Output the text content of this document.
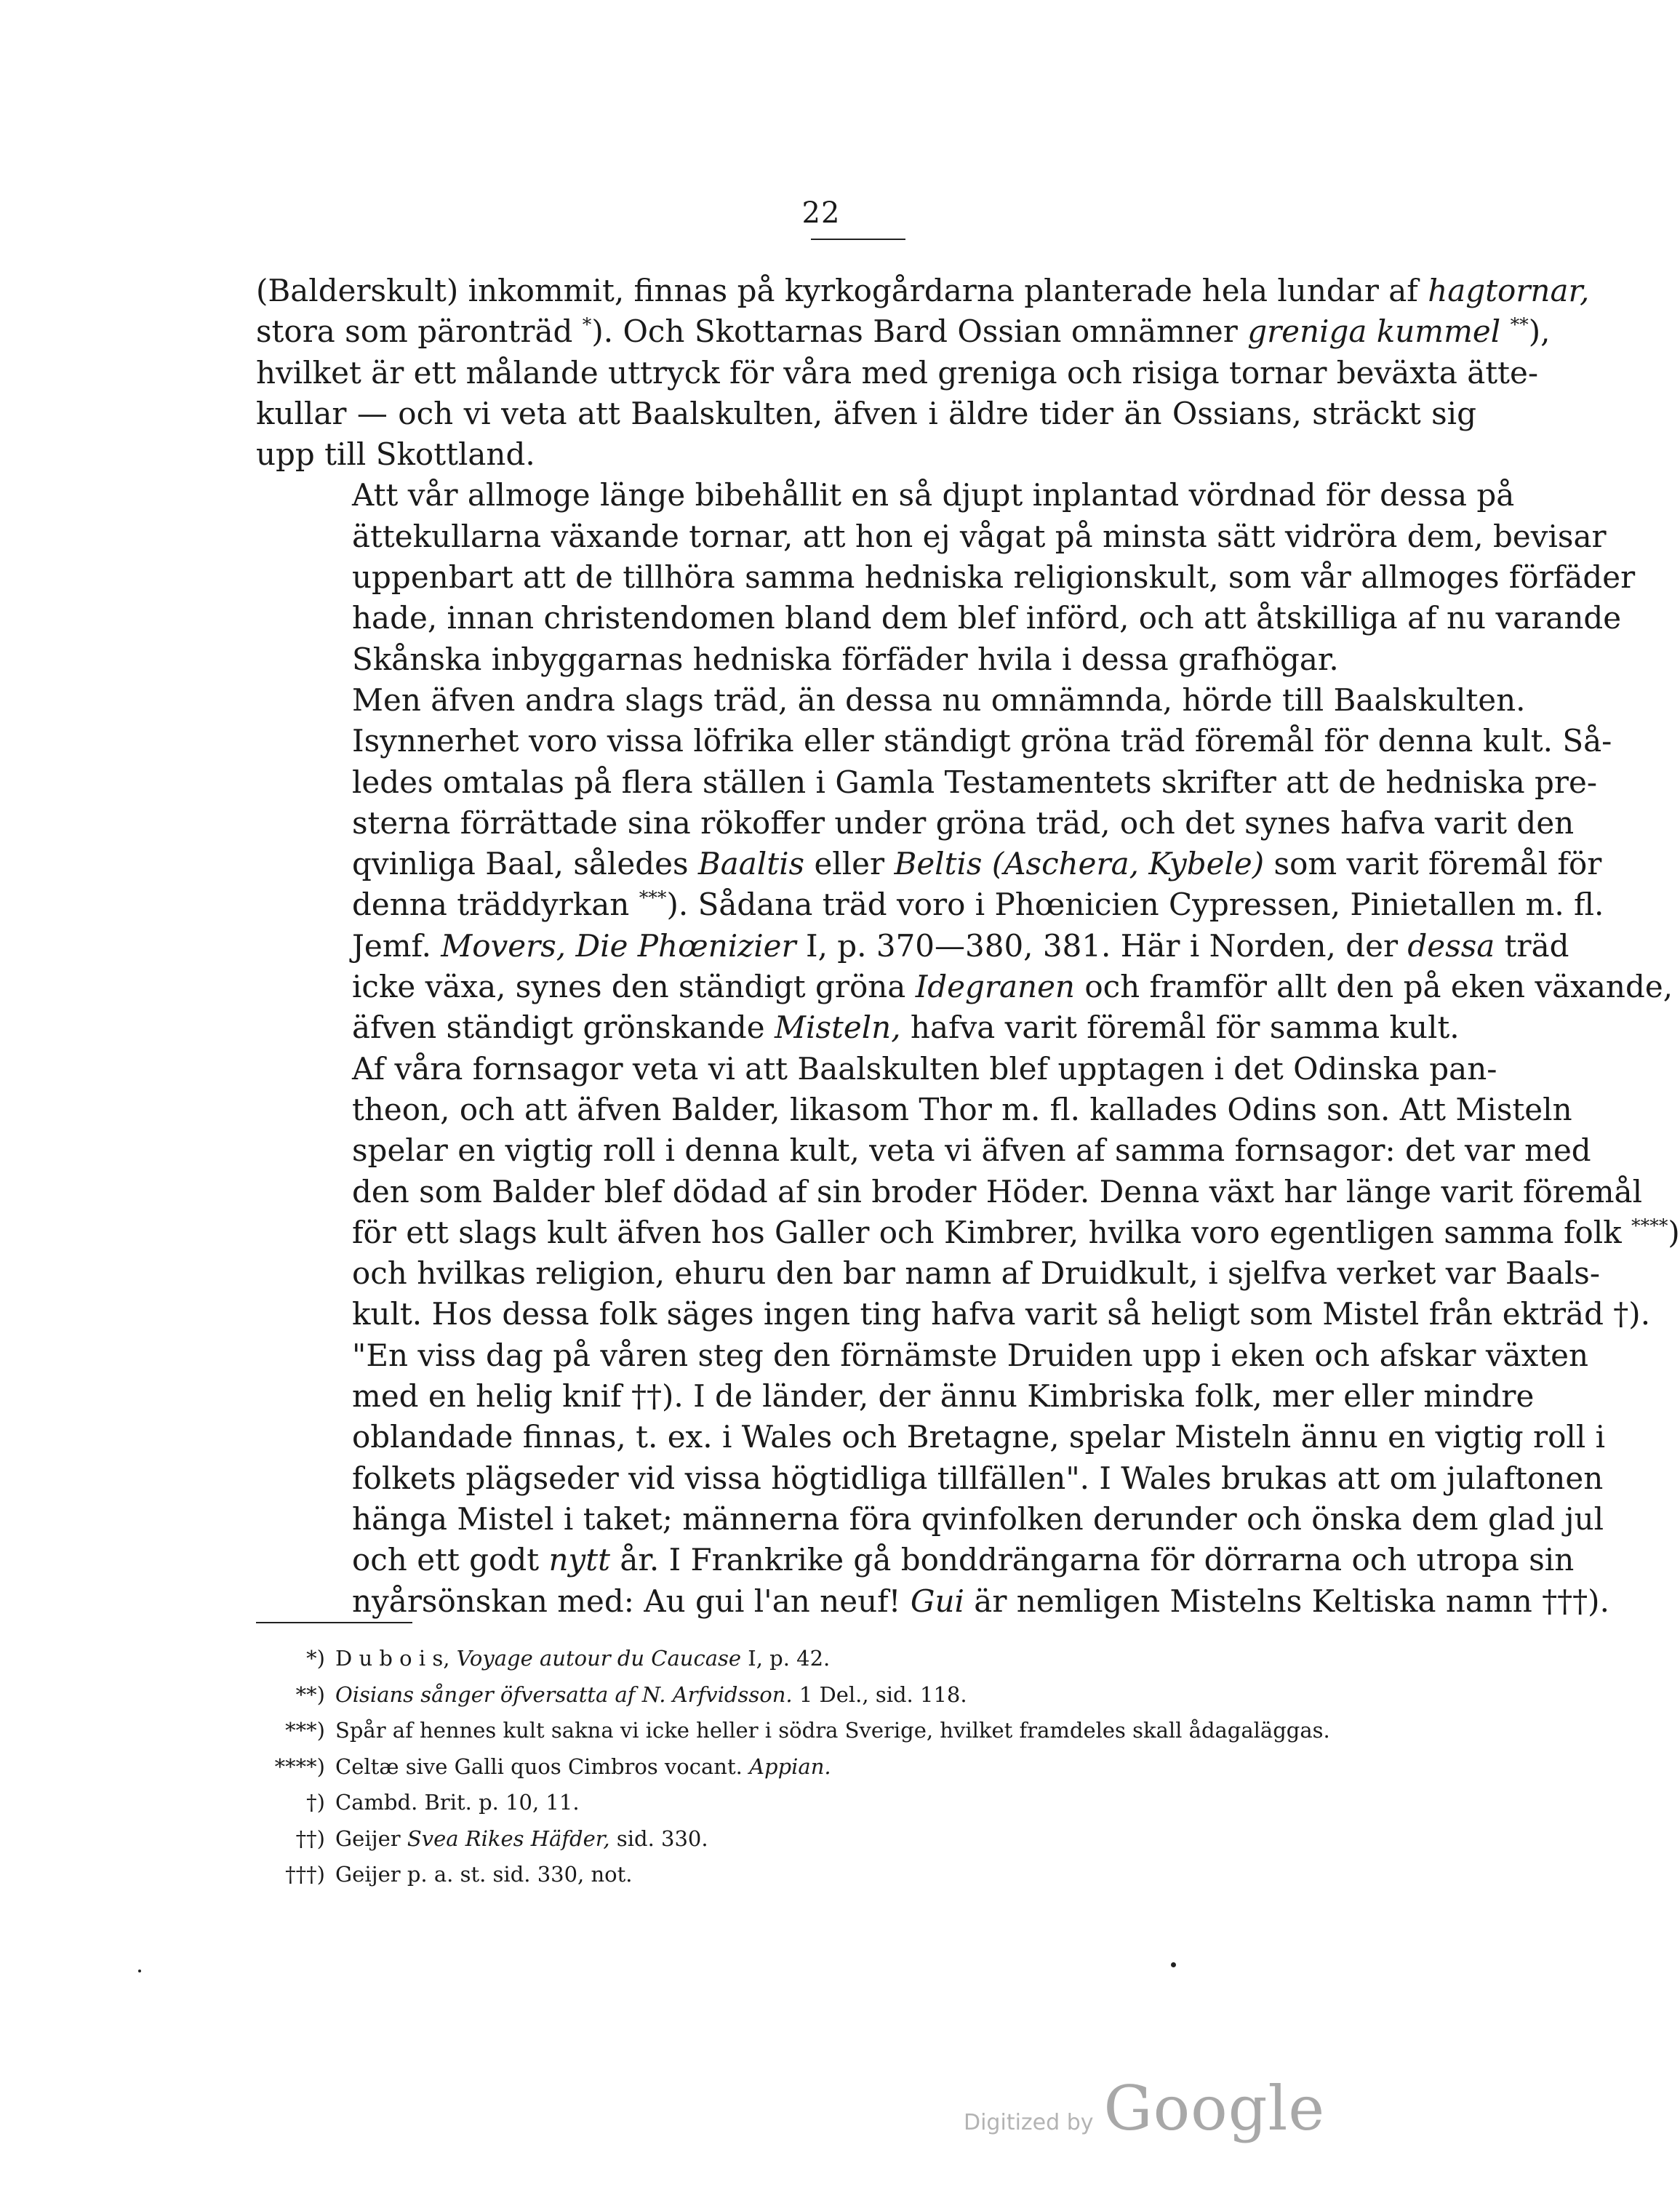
22

(Balderskult) inkommit, finnas på kyrkogårdarna planterade hela lundar af hagtornar,
stora som päronträd *). Och Skottarnas Bard Ossian omnämner greniga kummel **),
hvilket är ett målande uttryck för våra med greniga och risiga tornar beväxta ätte-
kullar — och vi veta att Baalskulten, äfven i äldre tider än Ossians, sträckt sig
upp till Skottland.

Att vår allmoge länge bibehållit en så djupt inplantad vördnad för dessa på
ättekullarna växande tornar, att hon ej vågat på minsta sätt vidröra dem, bevisar
uppenbart att de tillhöra samma hedniska religionskult, som vår allmoges förfäder
hade, innan christendomen bland dem blef införd, och att åtskilliga af nu varande
Skånska inbyggarnas hedniska förfäder hvila i dessa grafhögar.

Men äfven andra slags träd, än dessa nu omnämnda, hörde till Baalskulten.
Isynnerhet voro vissa löfrika eller ständigt gröna träd föremål för denna kult. Så-
ledes omtalas på flera ställen i Gamla Testamentets skrifter att de hedniska pre-
sterna förrättade sina rökoffer under gröna träd, och det synes hafva varit den
qvinliga Baal, således Baaltis eller Beltis (Aschera, Kybele) som varit föremål för
denna träddyrkan ***). Sådana träd voro i Phœnicien Cypressen, Pinietallen m. fl.
Jemf. Movers, Die Phœnizier I, p. 370—380, 381. Här i Norden, der dessa träd
icke växa, synes den ständigt gröna Idegranen och framför allt den på eken växande,
äfven ständigt grönskande Misteln, hafva varit föremål för samma kult.

Af våra fornsagor veta vi att Baalskulten blef upptagen i det Odinska pan-
theon, och att äfven Balder, likasom Thor m. fl. kallades Odins son. Att Misteln
spelar en vigtig roll i denna kult, veta vi äfven af samma fornsagor: det var med
den som Balder blef dödad af sin broder Höder. Denna växt har länge varit föremål
för ett slags kult äfven hos Galler och Kimbrer, hvilka voro egentligen samma folk ****)
och hvilkas religion, ehuru den bar namn af Druidkult, i sjelfva verket var Baals-
kult. Hos dessa folk säges ingen ting hafva varit så heligt som Mistel från ekträd †).
"En viss dag på våren steg den förnämste Druiden upp i eken och afskar växten
med en helig knif ††). I de länder, der ännu Kimbriska folk, mer eller mindre
oblandade finnas, t. ex. i Wales och Bretagne, spelar Misteln ännu en vigtig roll i
folkets plägseder vid vissa högtidliga tillfällen". I Wales brukas att om julaftonen
hänga Mistel i taket; männerna föra qvinfolken derunder och önska dem glad jul
och ett godt nytt år. I Frankrike gå bonddrängarna för dörrarna och utropa sin
nyårsönskan med: Au gui l'an neuf! Gui är nemligen Mistelns Keltiska namn †††).

*) D u b o i s, Voyage autour du Caucase I, p. 42.
**) Oisians sånger öfversatta af N. Arfvidsson. 1 Del., sid. 118.
***) Spår af hennes kult sakna vi icke heller i södra Sverige, hvilket framdeles skall ådagaläggas.
****) Celtæ sive Galli quos Cimbros vocant. Appian.
†) Cambd. Brit. p. 10, 11.
††) Geijer Svea Rikes Häfder, sid. 330.
†††) Geijer p. a. st. sid. 330, not.
Digitized by Google
